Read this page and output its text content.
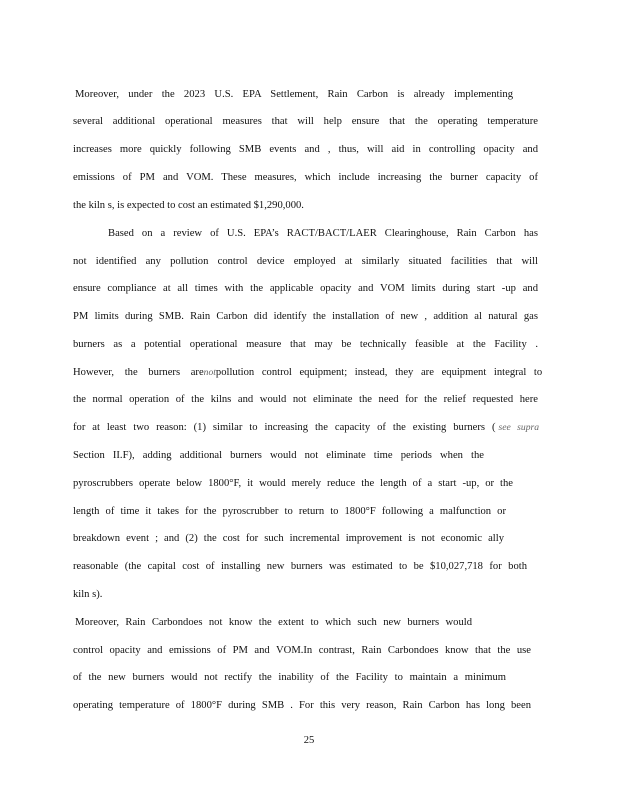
Moreover, under the 2023 U.S. EPA Settlement, Rain Carbon is already implementing
several additional operational measures that will help ensure that the operating temperature
increases more quickly following SMB events and , thus, will aid in controlling opacity and
emissions of PM and VOM. These measures, which include increasing the burner capacity of
the kiln s, is expected to cost an estimated $1,290,000.
Based on a review of U.S. EPA’s RACT/BACT/LAER Clearinghouse, Rain Carbon has
not identified any pollution control device employed at similarly situated facilities that will
ensure compliance at all times with the applicable opacity and VOM limits during start -up and
PM limits during SMB. Rain Carbon did identify the installation of new , addition al natural gas
burners as a potential operational measure that may be technically feasible at the Facility .
However, the burners are not pollution control equipment; instead, they are equipment integral to
the normal operation of the kilns and would not eliminate the need for the relief requested here
for at least two reason: (1) similar to increasing the capacity of the existing burners ( see supra
Section II.F), adding additional burners would not eliminate time periods when the
pyroscrubbers operate below 1800°F, it would merely reduce the length of a start -up, or the
length of time it takes for the pyroscrubber to return to 1800°F following a malfunction or
breakdown event ; and (2) the cost for such incremental improvement is not economic ally
reasonable (the capital cost of installing new burners was estimated to be $10,027,718 for both
kiln s).
Moreover, Rain Carbondoes not know the extent to which such new burners would
control opacity and emissions of PM and VOM.In contrast, Rain Carbondoes know that the use
of the new burners would not rectify the inability of the Facility to maintain a minimum
operating temperature of 1800°F during SMB . For this very reason, Rain Carbon has long been
25
